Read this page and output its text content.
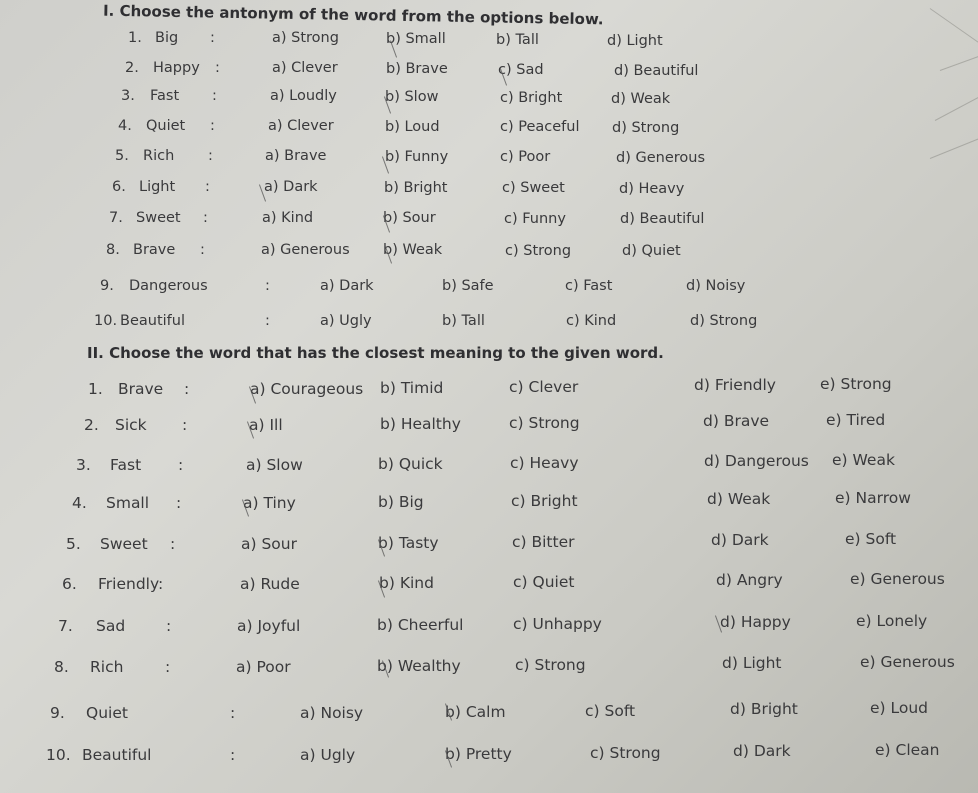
I. Choose the antonym of the word from the options below.
II. Choose the word that has the closest meaning to the given word.
1. Big :	a) Strong	b) Small	b) Tall	d) Light
2. Happy :	a) Clever	b) Brave	c) Sad	d) Beautiful
3. Fast :	a) Loudly	b) Slow	c) Bright	d) Weak
4. Quiet :	a) Clever	b) Loud	c) Peaceful d) Strong
5. Rich :	a) Brave	b) Funny	c) Poor	d) Generous
6. Light :	a) Dark	b) Bright	c) Sweet	d) Heavy
7. Sweet :	a) Kind	b) Sour	c) Funny	d) Beautiful
8. Brave :	a) Generous b) Weak	c) Strong	d) Quiet
9. Dangerous	:	a) Dark	b) Safe	c) Fast	d) Noisy
10. Beautiful	:	a) Ugly	b) Tall	c) Kind	d) Strong
1. Brave :	a) Courageous b) Timid	c) Clever	d) Friendly	e) Strong
2. Sick :	a) Ill	b) Healthy	c) Strong	d) Brave	e) Tired
3. Fast :	a) Slow	b) Quick	c) Heavy	d) Dangerous e) Weak
4. Small :	a) Tiny	b) Big	c) Bright	d) Weak	e) Narrow
5. Sweet :	a) Sour	b) Tasty	c) Bitter	d) Dark	e) Soft
6. Friendly:	a) Rude	b) Kind	c) Quiet	d) Angry	e) Generous
7. Sad	:	a) Joyful	b) Cheerful	c) Unhappy	d) Happy	e) Lonely
8. Rich	:	a) Poor	b) Wealthy	c) Strong	d) Light	e) Generous
9. Quiet	:	a) Noisy	b) Calm	c) Soft	d) Bright	e) Loud
10. Beautiful	:	a) Ugly	b) Pretty	c) Strong	d) Dark	e) Clean
